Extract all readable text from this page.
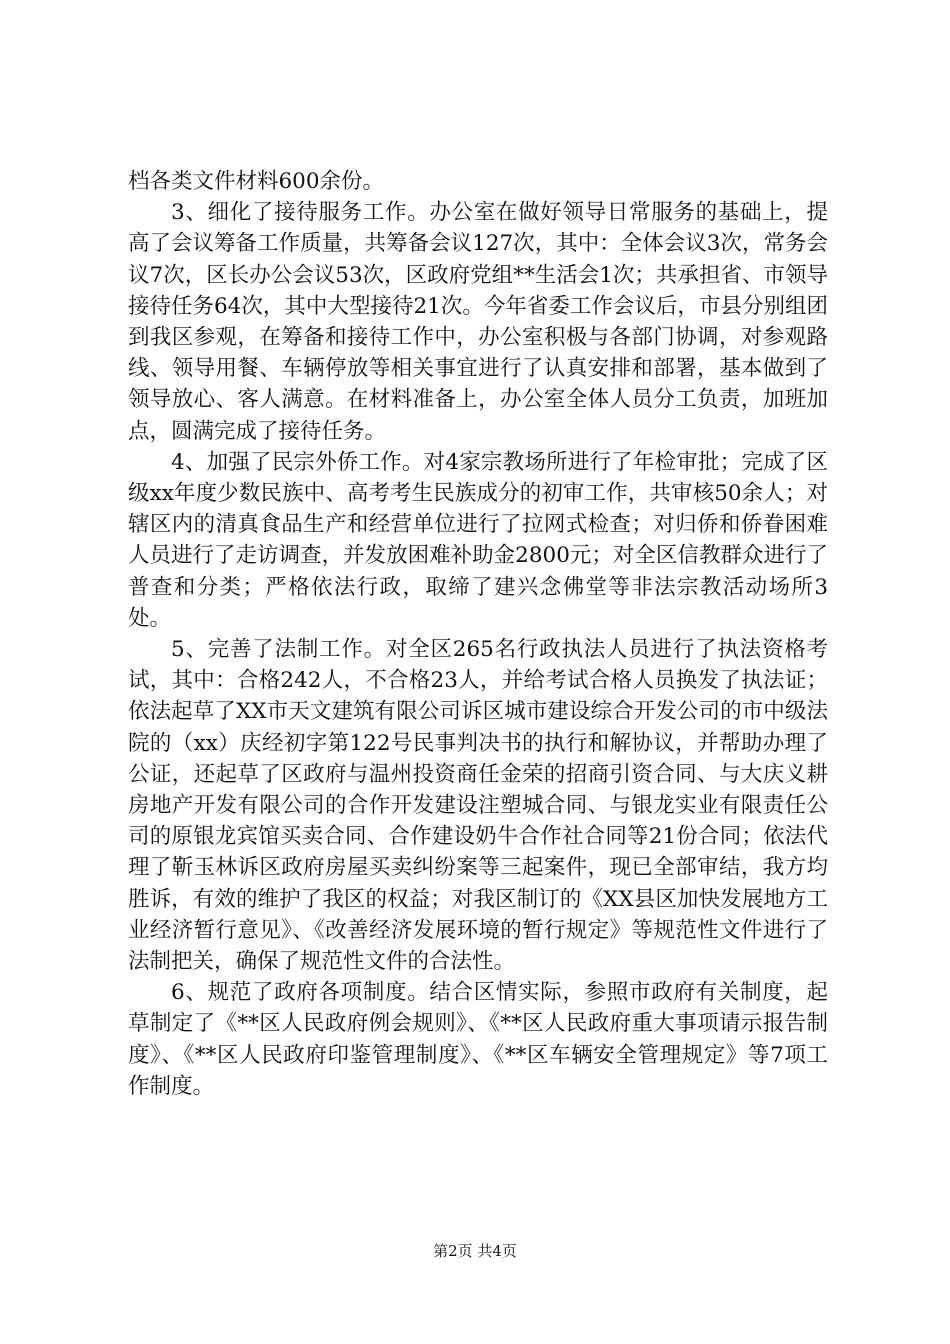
档各类文件材料600余份。

3、细化了接待服务工作。办公室在做好领导日常服务的基础上，提高了会议筹备工作质量，共筹备会议127次，其中：全体会议3次，常务会议7次，区长办公会议53次，区政府党组**生活会1次；共承担省、市领导接待任务64次，其中大型接待21次。今年省委工作会议后，市县分别组团到我区参观，在筹备和接待工作中，办公室积极与各部门协调，对参观路线、领导用餐、车辆停放等相关事宜进行了认真安排和部署，基本做到了领导放心、客人满意。在材料准备上，办公室全体人员分工负责，加班加点，圆满完成了接待任务。

4、加强了民宗外侨工作。对4家宗教场所进行了年检审批；完成了区级xx年度少数民族中、高考考生民族成分的初审工作，共审核50余人；对辖区内的清真食品生产和经营单位进行了拉网式检查；对归侨和侨眷困难人员进行了走访调查，并发放困难补助金2800元；对全区信教群众进行了普查和分类；严格依法行政，取缔了建兴念佛堂等非法宗教活动场所3处。

5、完善了法制工作。对全区265名行政执法人员进行了执法资格考试，其中：合格242人，不合格23人，并给考试合格人员换发了执法证；依法起草了XX市天文建筑有限公司诉区城市建设综合开发公司的市中级法院的（xx）庆经初字第122号民事判决书的执行和解协议，并帮助办理了公证，还起草了区政府与温州投资商任金荣的招商引资合同、与大庆义耕房地产开发有限公司的合作开发建设注塑城合同、与银龙实业有限责任公司的原银龙宾馆买卖合同、合作建设奶牛合作社合同等21份合同；依法代理了靳玉林诉区政府房屋买卖纠纷案等三起案件，现已全部审结，我方均胜诉，有效的维护了我区的权益；对我区制订的《XX县区加快发展地方工业经济暂行意见》、《改善经济发展环境的暂行规定》等规范性文件进行了法制把关，确保了规范性文件的合法性。

6、规范了政府各项制度。结合区情实际，参照市政府有关制度，起草制定了《**区人民政府例会规则》、《**区人民政府重大事项请示报告制度》、《**区人民政府印鉴管理制度》、《**区车辆安全管理规定》等7项工作制度。

第2页 共4页
